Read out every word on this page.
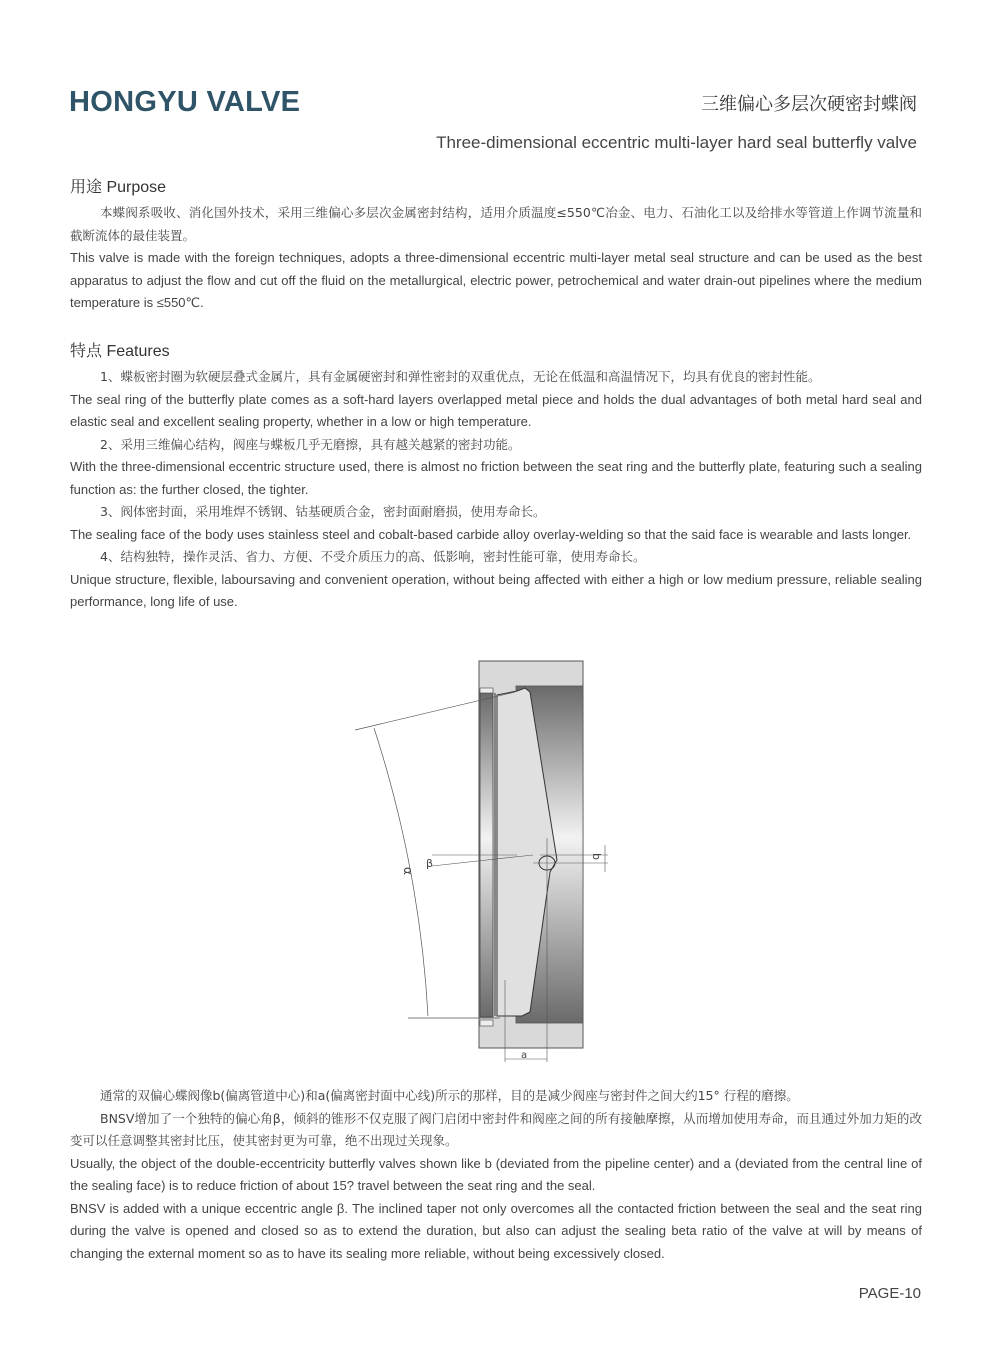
HONGYU VALVE	三维偏心多层次硬密封蝶阀
Three-dimensional eccentric multi-layer hard seal butterfly valve
用途 Purpose
本蝶阀系吸收、消化国外技术，采用三维偏心多层次金属密封结构，适用介质温度≤550℃冶金、电力、石油化工以及给排水等管道上作调节流量和截断流体的最佳装置。
This valve is made with the foreign techniques, adopts a three-dimensional eccentric multi-layer metal seal structure and can be used as the best apparatus to adjust the flow and cut off the fluid on the metallurgical, electric power, petrochemical and water drain-out pipelines where the medium temperature is ≤550℃.
特点 Features
1、蝶板密封圈为软硬层叠式金属片，具有金属硬密封和弹性密封的双重优点，无论在低温和高温情况下，均具有优良的密封性能。
The seal ring of the butterfly plate comes as a soft-hard layers overlapped metal piece and holds the dual advantages of both metal hard seal and elastic seal and excellent sealing property, whether in a low or high temperature.
2、采用三维偏心结构，阀座与蝶板几乎无磨擦，具有越关越紧的密封功能。
With the three-dimensional eccentric structure used, there is almost no friction between the seat ring and the butterfly plate, featuring such a sealing function as: the further closed, the tighter.
3、阀体密封面，采用堆焊不锈钢、钴基硬质合金，密封面耐磨损，使用寿命长。
The sealing face of the body uses stainless steel and cobalt-based carbide alloy overlay-welding so that the said face is wearable and lasts longer.
4、结构独特，操作灵活、省力、方便、不受介质压力的高、低影响，密封性能可靠，使用寿命长。
Unique structure, flexible, laboursaving and convenient operation, without being affected with either a high or low medium pressure, reliable sealing performance, long life of use.
β
α
b
a
通常的双偏心蝶阀像b(偏离管道中心)和a(偏离密封面中心线)所示的那样，目的是减少阀座与密封件之间大约15° 行程的磨擦。
BNSV增加了一个独特的偏心角β，倾斜的锥形不仅克服了阀门启闭中密封件和阀座之间的所有接触摩擦，从而增加使用寿命，而且通过外加力矩的改变可以任意调整其密封比压，使其密封更为可靠，绝不出现过关现象。
Usually, the object of the double-eccentricity butterfly valves shown like b (deviated from the pipeline center) and a (deviated from the central line of the sealing face) is to reduce friction of about 15? travel between the seat ring and the seal.
BNSV is added with a unique eccentric angle β. The inclined taper not only overcomes all the contacted friction between the seal and the seat ring during the valve is opened and closed so as to extend the duration, but also can adjust the sealing beta ratio of the valve at will by means of changing the external moment so as to have its sealing more reliable, without being excessively closed.
PAGE-10
